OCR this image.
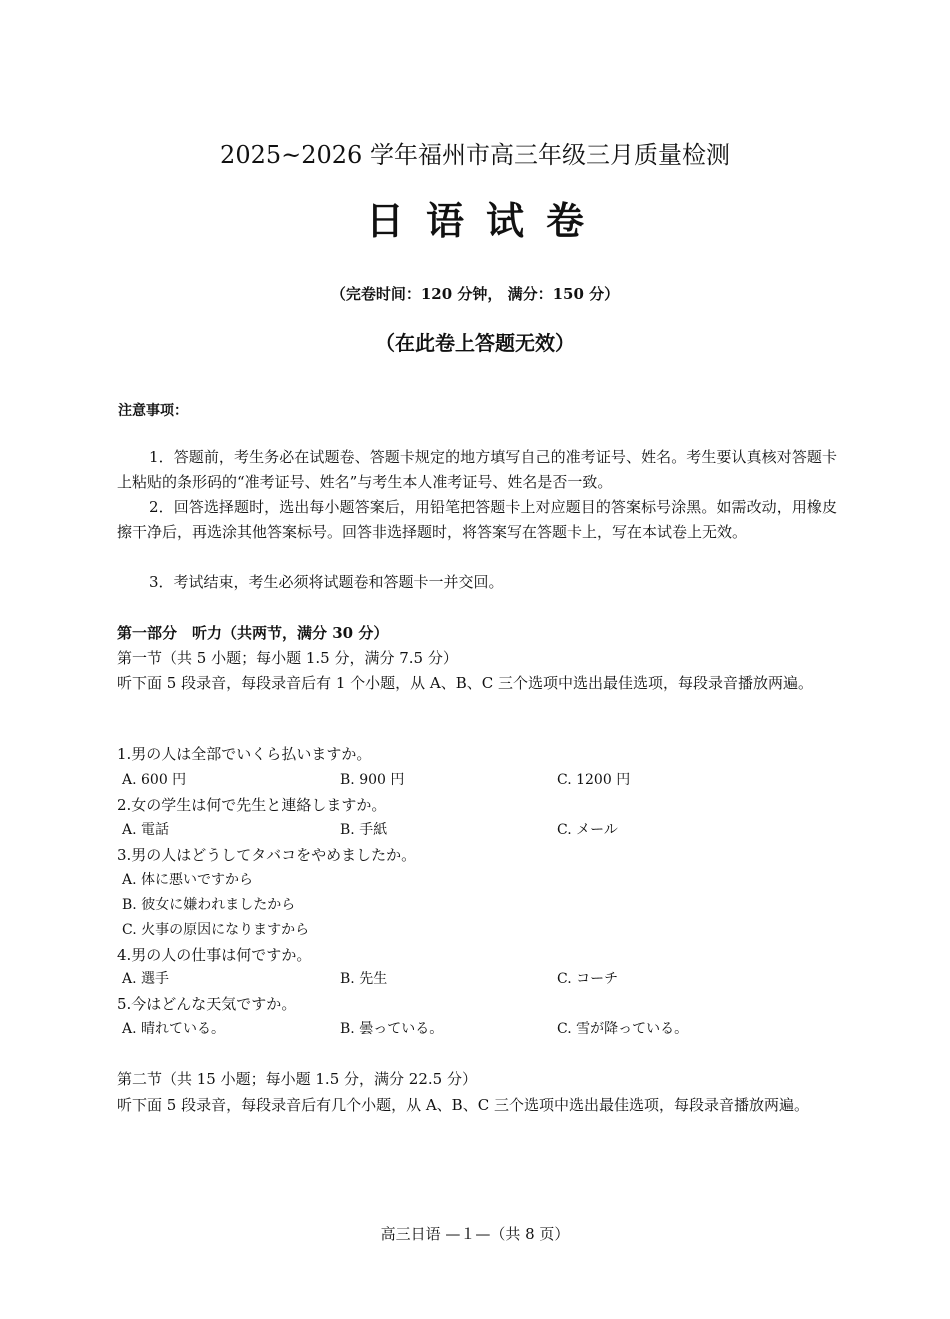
2025~2026 学年福州市高三年级三月质量检测
日语试卷
（完卷时间：120 分钟， 满分：150 分）
（在此卷上答题无效）
注意事项：
1．答题前，考生务必在试题卷、答题卡规定的地方填写自己的准考证号、姓名。考生要认真核对答题卡上粘贴的条形码的“准考证号、姓名”与考生本人准考证号、姓名是否一致。
2．回答选择题时，选出每小题答案后，用铅笔把答题卡上对应题目的答案标号涂黑。如需改动，用橡皮擦干净后，再选涂其他答案标号。回答非选择题时，将答案写在答题卡上，写在本试卷上无效。
3．考试结束，考生必须将试题卷和答题卡一并交回。
第一部分　听力（共两节，满分 30 分）
第一节（共 5 小题；每小题 1.5 分，满分 7.5 分）
听下面 5 段录音，每段录音后有 1 个小题，从 A、B、C 三个选项中选出最佳选项，每段录音播放两遍。
1.男の人は全部でいくら払いますか。
A. 600 円	B. 900 円	C. 1200 円
2.女の学生は何で先生と連絡しますか。
A. 電話	B. 手紙	C. メール
3.男の人はどうしてタバコをやめましたか。
A. 体に悪いですから
B. 彼女に嫌われましたから
C. 火事の原因になりますから
4.男の人の仕事は何ですか。
A. 選手	B. 先生	C. コーチ
5.今はどんな天気ですか。
A. 晴れている。	B. 曇っている。	C. 雪が降っている。
第二节（共 15 小题；每小题 1.5 分，满分 22.5 分）
听下面 5 段录音，每段录音后有几个小题，从 A、B、C 三个选项中选出最佳选项，每段录音播放两遍。
高三日语 —１—（共 8 页）
